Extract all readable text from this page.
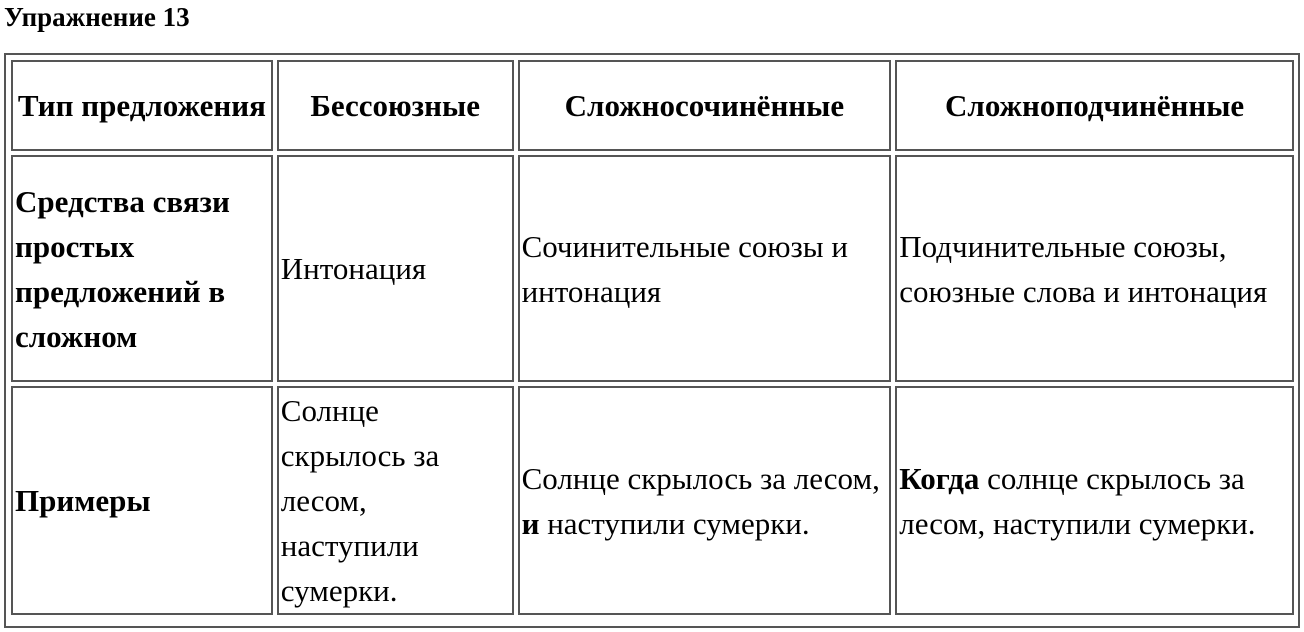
Упражнение 13
Тип предложения	Бессоюзные	Сложносочинённые	Сложноподчинённые
Средства связи простых предложений в сложном	Интонация	Сочинительные союзы и интонация	Подчинительные союзы, союзные слова и интонация
Примеры	Солнце скрылось за лесом, наступили сумерки.	Солнце скрылось за лесом, и наступили сумерки.	Когда солнце скрылось за лесом, наступили сумерки.
